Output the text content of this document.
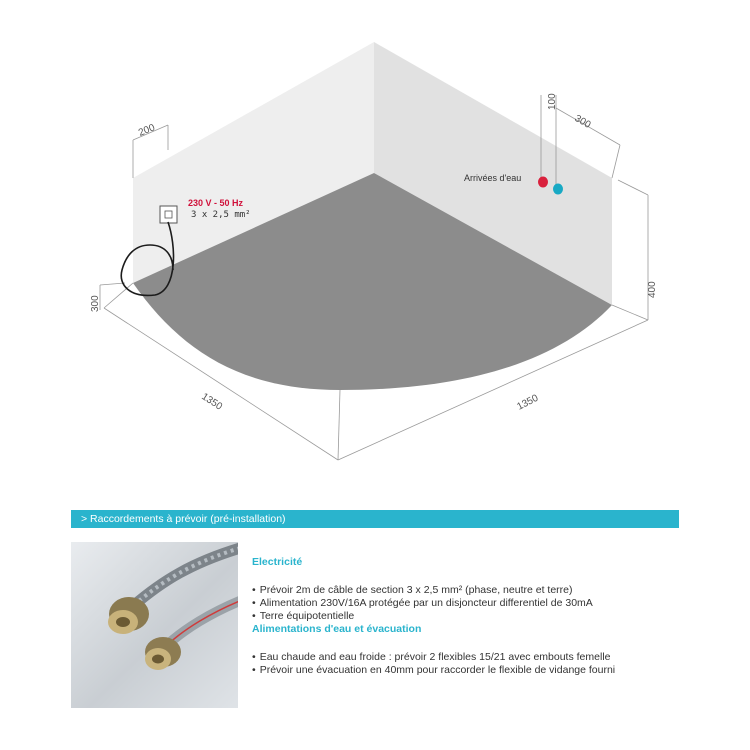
300
200
1350	1350
400
300
100
230 V - 50 Hz
3 x 2,5 mm²
Arrivées d'eau
> Raccordements à prévoir (pré-installation)
Electricité
• Prévoir 2m de câble de section 3 x 2,5 mm² (phase, neutre et terre)
• Alimentation 230V/16A protégée par un disjoncteur differentiel de 30mA
• Terre équipotentielle
Alimentations d'eau et évacuation
• Eau chaude and eau froide : prévoir 2 flexibles 15/21 avec embouts femelle
• Prévoir une évacuation en 40mm pour raccorder le flexible de vidange fourni
